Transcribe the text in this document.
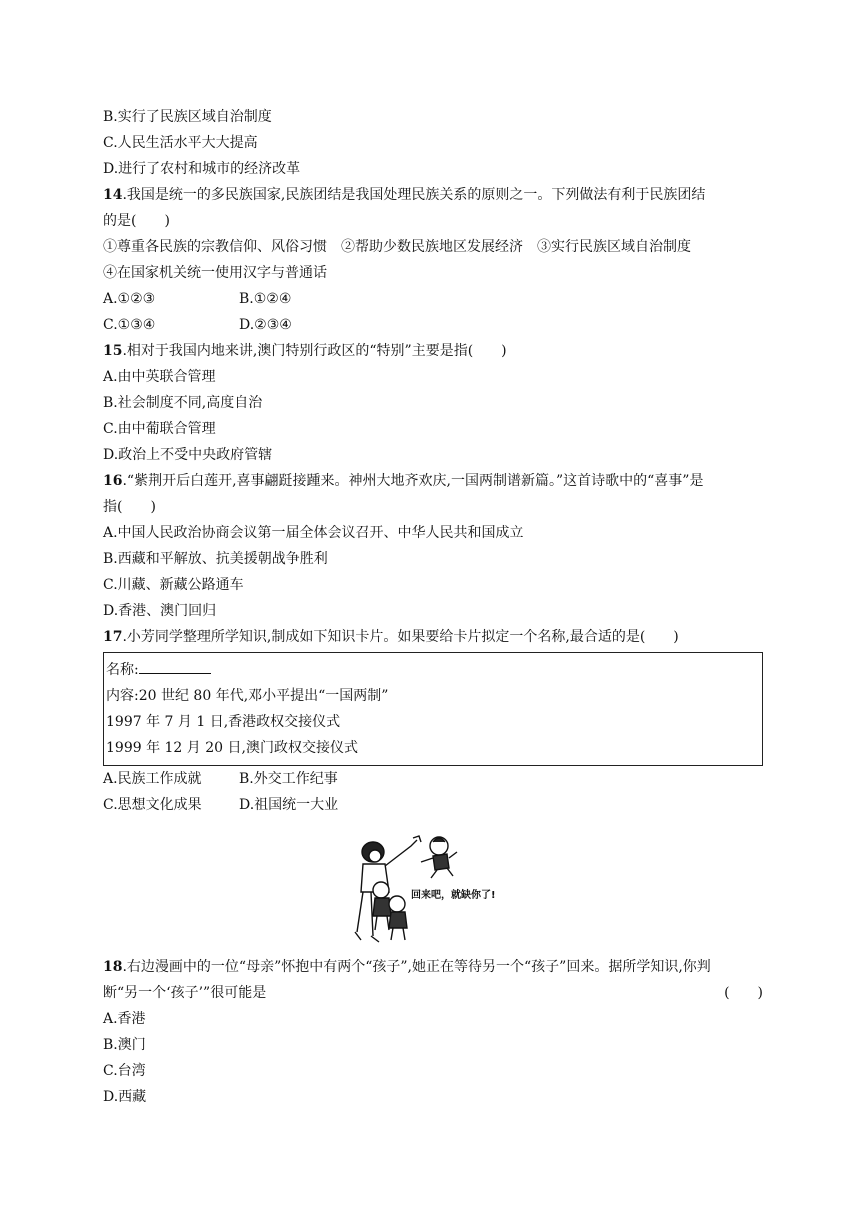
B.实行了民族区域自治制度
C.人民生活水平大大提高
D.进行了农村和城市的经济改革
14.我国是统一的多民族国家,民族团结是我国处理民族关系的原则之一。下列做法有利于民族团结
的是(　　)
①尊重各民族的宗教信仰、风俗习惯　②帮助少数民族地区发展经济　③实行民族区域自治制度
④在国家机关统一使用汉字与普通话
A.①②③	B.①②④
C.①③④	D.②③④
15.相对于我国内地来讲,澳门特别行政区的“特别”主要是指(　　)
A.由中英联合管理
B.社会制度不同,高度自治
C.由中葡联合管理
D.政治上不受中央政府管辖
16.“紫荆开后白莲开,喜事翩跹接踵来。神州大地齐欢庆,一国两制谱新篇。”这首诗歌中的“喜事”是
指(　　)
A.中国人民政治协商会议第一届全体会议召开、中华人民共和国成立
B.西藏和平解放、抗美援朝战争胜利
C.川藏、新藏公路通车
D.香港、澳门回归
17.小芳同学整理所学知识,制成如下知识卡片。如果要给卡片拟定一个名称,最合适的是(　　)
名称:
内容:20 世纪 80 年代,邓小平提出“一国两制”
1997 年 7 月 1 日,香港政权交接仪式
1999 年 12 月 20 日,澳门政权交接仪式
A.民族工作成就	B.外交工作纪事
C.思想文化成果	D.祖国统一大业
回来吧，就缺你了!
18.右边漫画中的一位“母亲”怀抱中有两个“孩子”,她正在等待另一个“孩子”回来。据所学知识,你判
断“另一个‘孩子’”很可能是	(　　)
A.香港
B.澳门
C.台湾
D.西藏
